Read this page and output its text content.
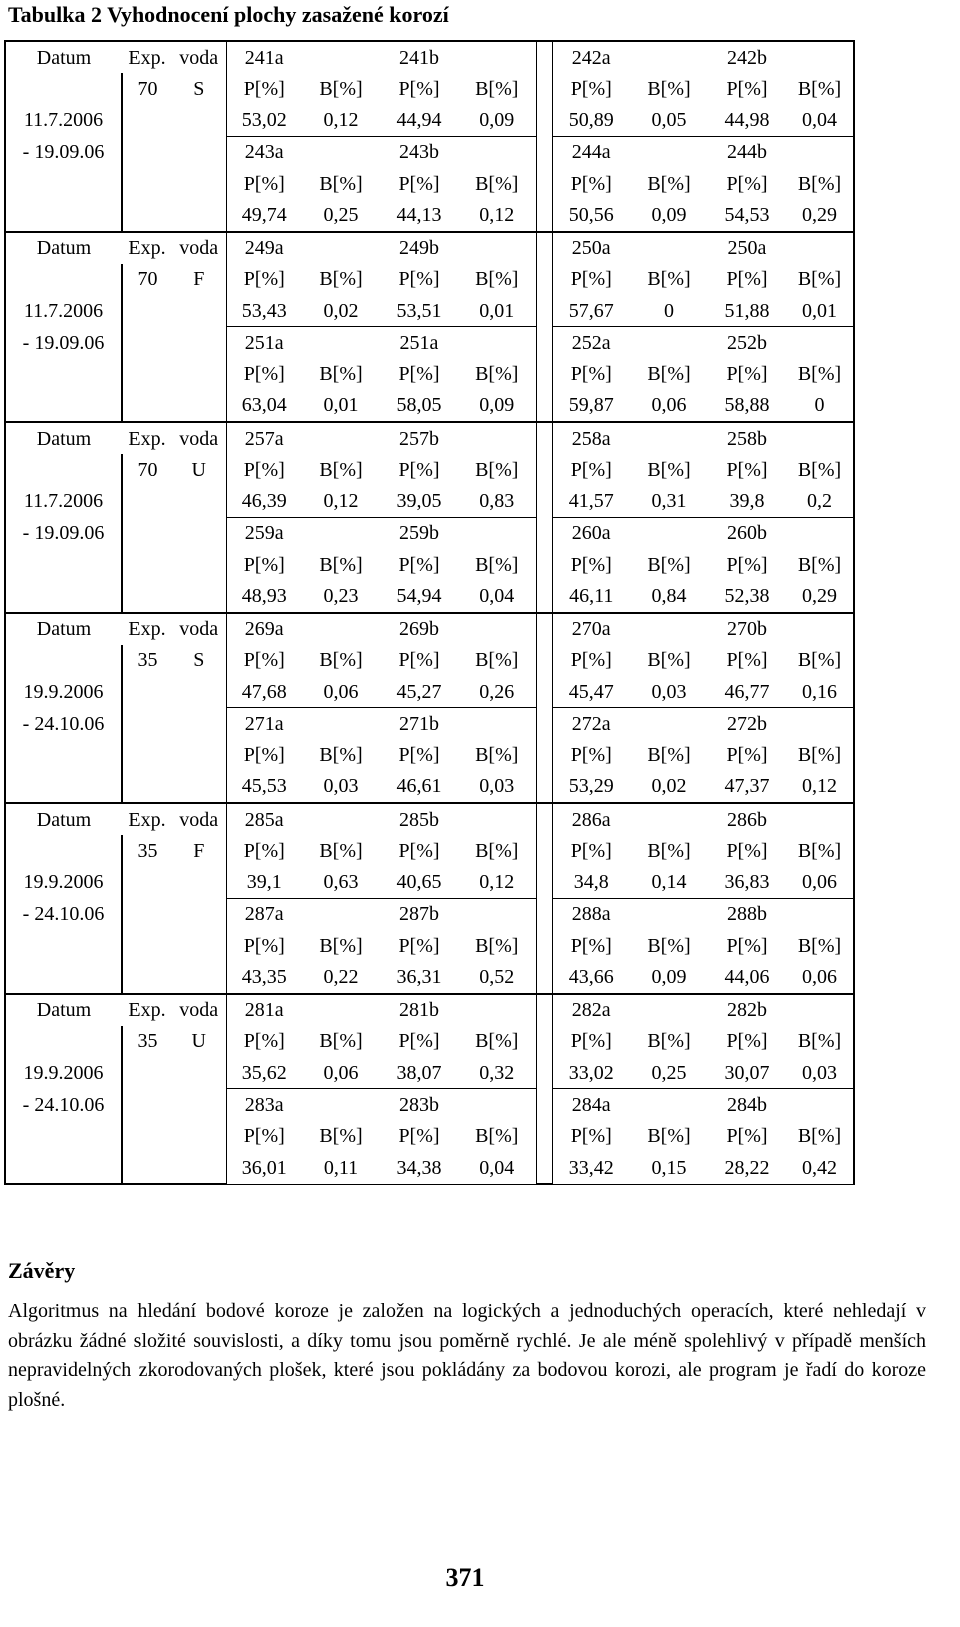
Tabulka 2 Vyhodnocení plochy zasažené korozí
Datum	Exp.	voda	241a		241b			242a		242b	
	70	S	P[%]	B[%]	P[%]	B[%]		P[%]	B[%]	P[%]	B[%]
11.7.2006			53,02	0,12	44,94	0,09		50,89	0,05	44,98	0,04
- 19.09.06			243a		243b			244a		244b	
			P[%]	B[%]	P[%]	B[%]		P[%]	B[%]	P[%]	B[%]
			49,74	0,25	44,13	0,12		50,56	0,09	54,53	0,29
Datum	Exp.	voda	249a		249b			250a		250a	
	70	F	P[%]	B[%]	P[%]	B[%]		P[%]	B[%]	P[%]	B[%]
11.7.2006			53,43	0,02	53,51	0,01		57,67	0	51,88	0,01
- 19.09.06			251a		251a			252a		252b	
			P[%]	B[%]	P[%]	B[%]		P[%]	B[%]	P[%]	B[%]
			63,04	0,01	58,05	0,09		59,87	0,06	58,88	0
Datum	Exp.	voda	257a		257b			258a		258b	
	70	U	P[%]	B[%]	P[%]	B[%]		P[%]	B[%]	P[%]	B[%]
11.7.2006			46,39	0,12	39,05	0,83		41,57	0,31	39,8	0,2
- 19.09.06			259a		259b			260a		260b	
			P[%]	B[%]	P[%]	B[%]		P[%]	B[%]	P[%]	B[%]
			48,93	0,23	54,94	0,04		46,11	0,84	52,38	0,29
Datum	Exp.	voda	269a		269b			270a		270b	
	35	S	P[%]	B[%]	P[%]	B[%]		P[%]	B[%]	P[%]	B[%]
19.9.2006			47,68	0,06	45,27	0,26		45,47	0,03	46,77	0,16
- 24.10.06			271a		271b			272a		272b	
			P[%]	B[%]	P[%]	B[%]		P[%]	B[%]	P[%]	B[%]
			45,53	0,03	46,61	0,03		53,29	0,02	47,37	0,12
Datum	Exp.	voda	285a		285b			286a		286b	
	35	F	P[%]	B[%]	P[%]	B[%]		P[%]	B[%]	P[%]	B[%]
19.9.2006			39,1	0,63	40,65	0,12		34,8	0,14	36,83	0,06
- 24.10.06			287a		287b			288a		288b	
			P[%]	B[%]	P[%]	B[%]		P[%]	B[%]	P[%]	B[%]
			43,35	0,22	36,31	0,52		43,66	0,09	44,06	0,06
Datum	Exp.	voda	281a		281b			282a		282b	
	35	U	P[%]	B[%]	P[%]	B[%]		P[%]	B[%]	P[%]	B[%]
19.9.2006			35,62	0,06	38,07	0,32		33,02	0,25	30,07	0,03
- 24.10.06			283a		283b			284a		284b	
			P[%]	B[%]	P[%]	B[%]		P[%]	B[%]	P[%]	B[%]
			36,01	0,11	34,38	0,04		33,42	0,15	28,22	0,42
Závěry
Algoritmus na hledání bodové koroze je založen na logických a jednoduchých operacích, které nehledají v obrázku žádné složité souvislosti, a díky tomu jsou poměrně rychlé. Je ale méně spolehlivý v případě menších nepravidelných zkorodovaných plošek, které jsou pokládány za bodovou korozi, ale program je řadí do koroze plošné.
371
